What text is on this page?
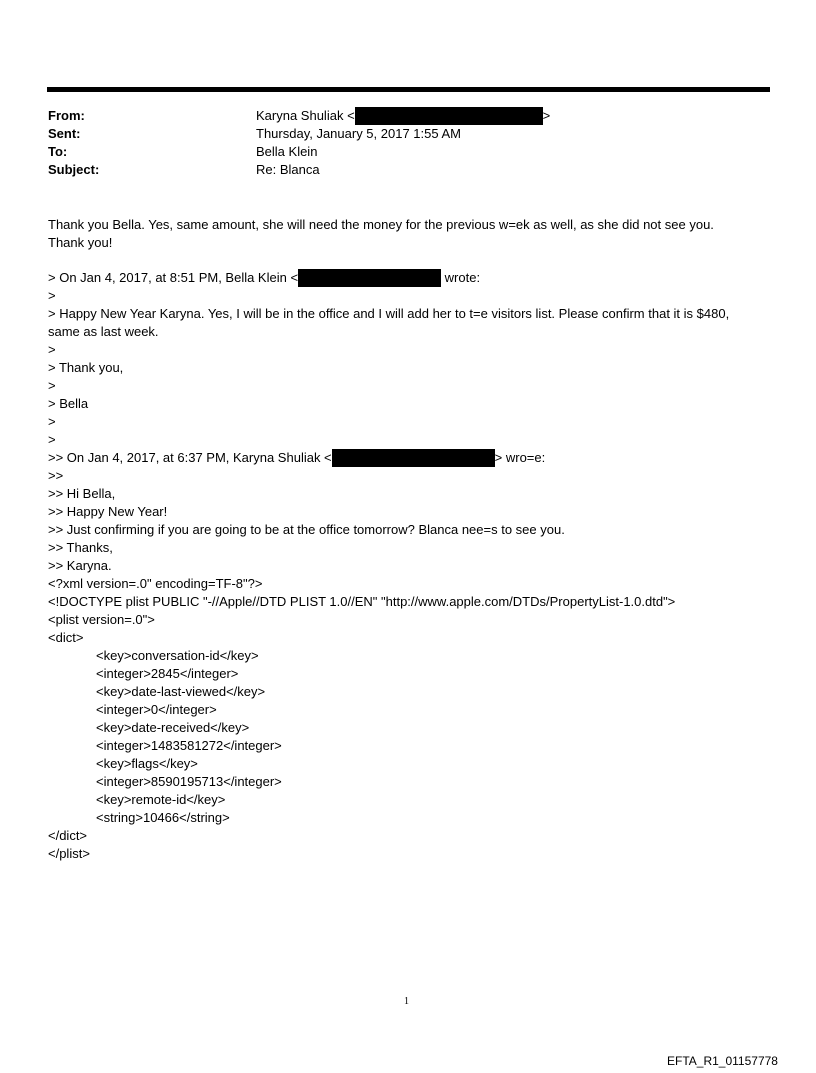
From:	Karyna Shuliak <	>
Sent:	Thursday, January 5, 2017 1:55 AM
To:	Bella Klein
Subject:	Re: Blanca
Thank you Bella. Yes, same amount, she will need the money for the previous w=ek as well, as she did not see you.
Thank you!
> On Jan 4, 2017, at 8:51 PM, Bella Klein <	wrote:
>
> Happy New Year Karyna. Yes, I will be in the office and I will add her to t=e visitors list. Please confirm that it is $480,
same as last week.
>
> Thank you,
>
> Bella
>
>
>> On Jan 4, 2017, at 6:37 PM, Karyna Shuliak <	> wro=e:
>>
>> Hi Bella,
>> Happy New Year!
>> Just confirming if you are going to be at the office tomorrow? Blanca nee=s to see you.
>> Thanks,
>> Karyna.
<?xml version=.0" encoding=TF-8"?>
<!DOCTYPE plist PUBLIC "-//Apple//DTD PLIST 1.0//EN" "http://www.apple.com/DTDs/PropertyList-1.0.dtd">
<plist version=.0">
<dict>
<key>conversation-id</key>
<integer>2845</integer>
<key>date-last-viewed</key>
<integer>0</integer>
<key>date-received</key>
<integer>1483581272</integer>
<key>flags</key>
<integer>8590195713</integer>
<key>remote-id</key>
<string>10466</string>
</dict>
</plist>
1
EFTA_R1_01157778
